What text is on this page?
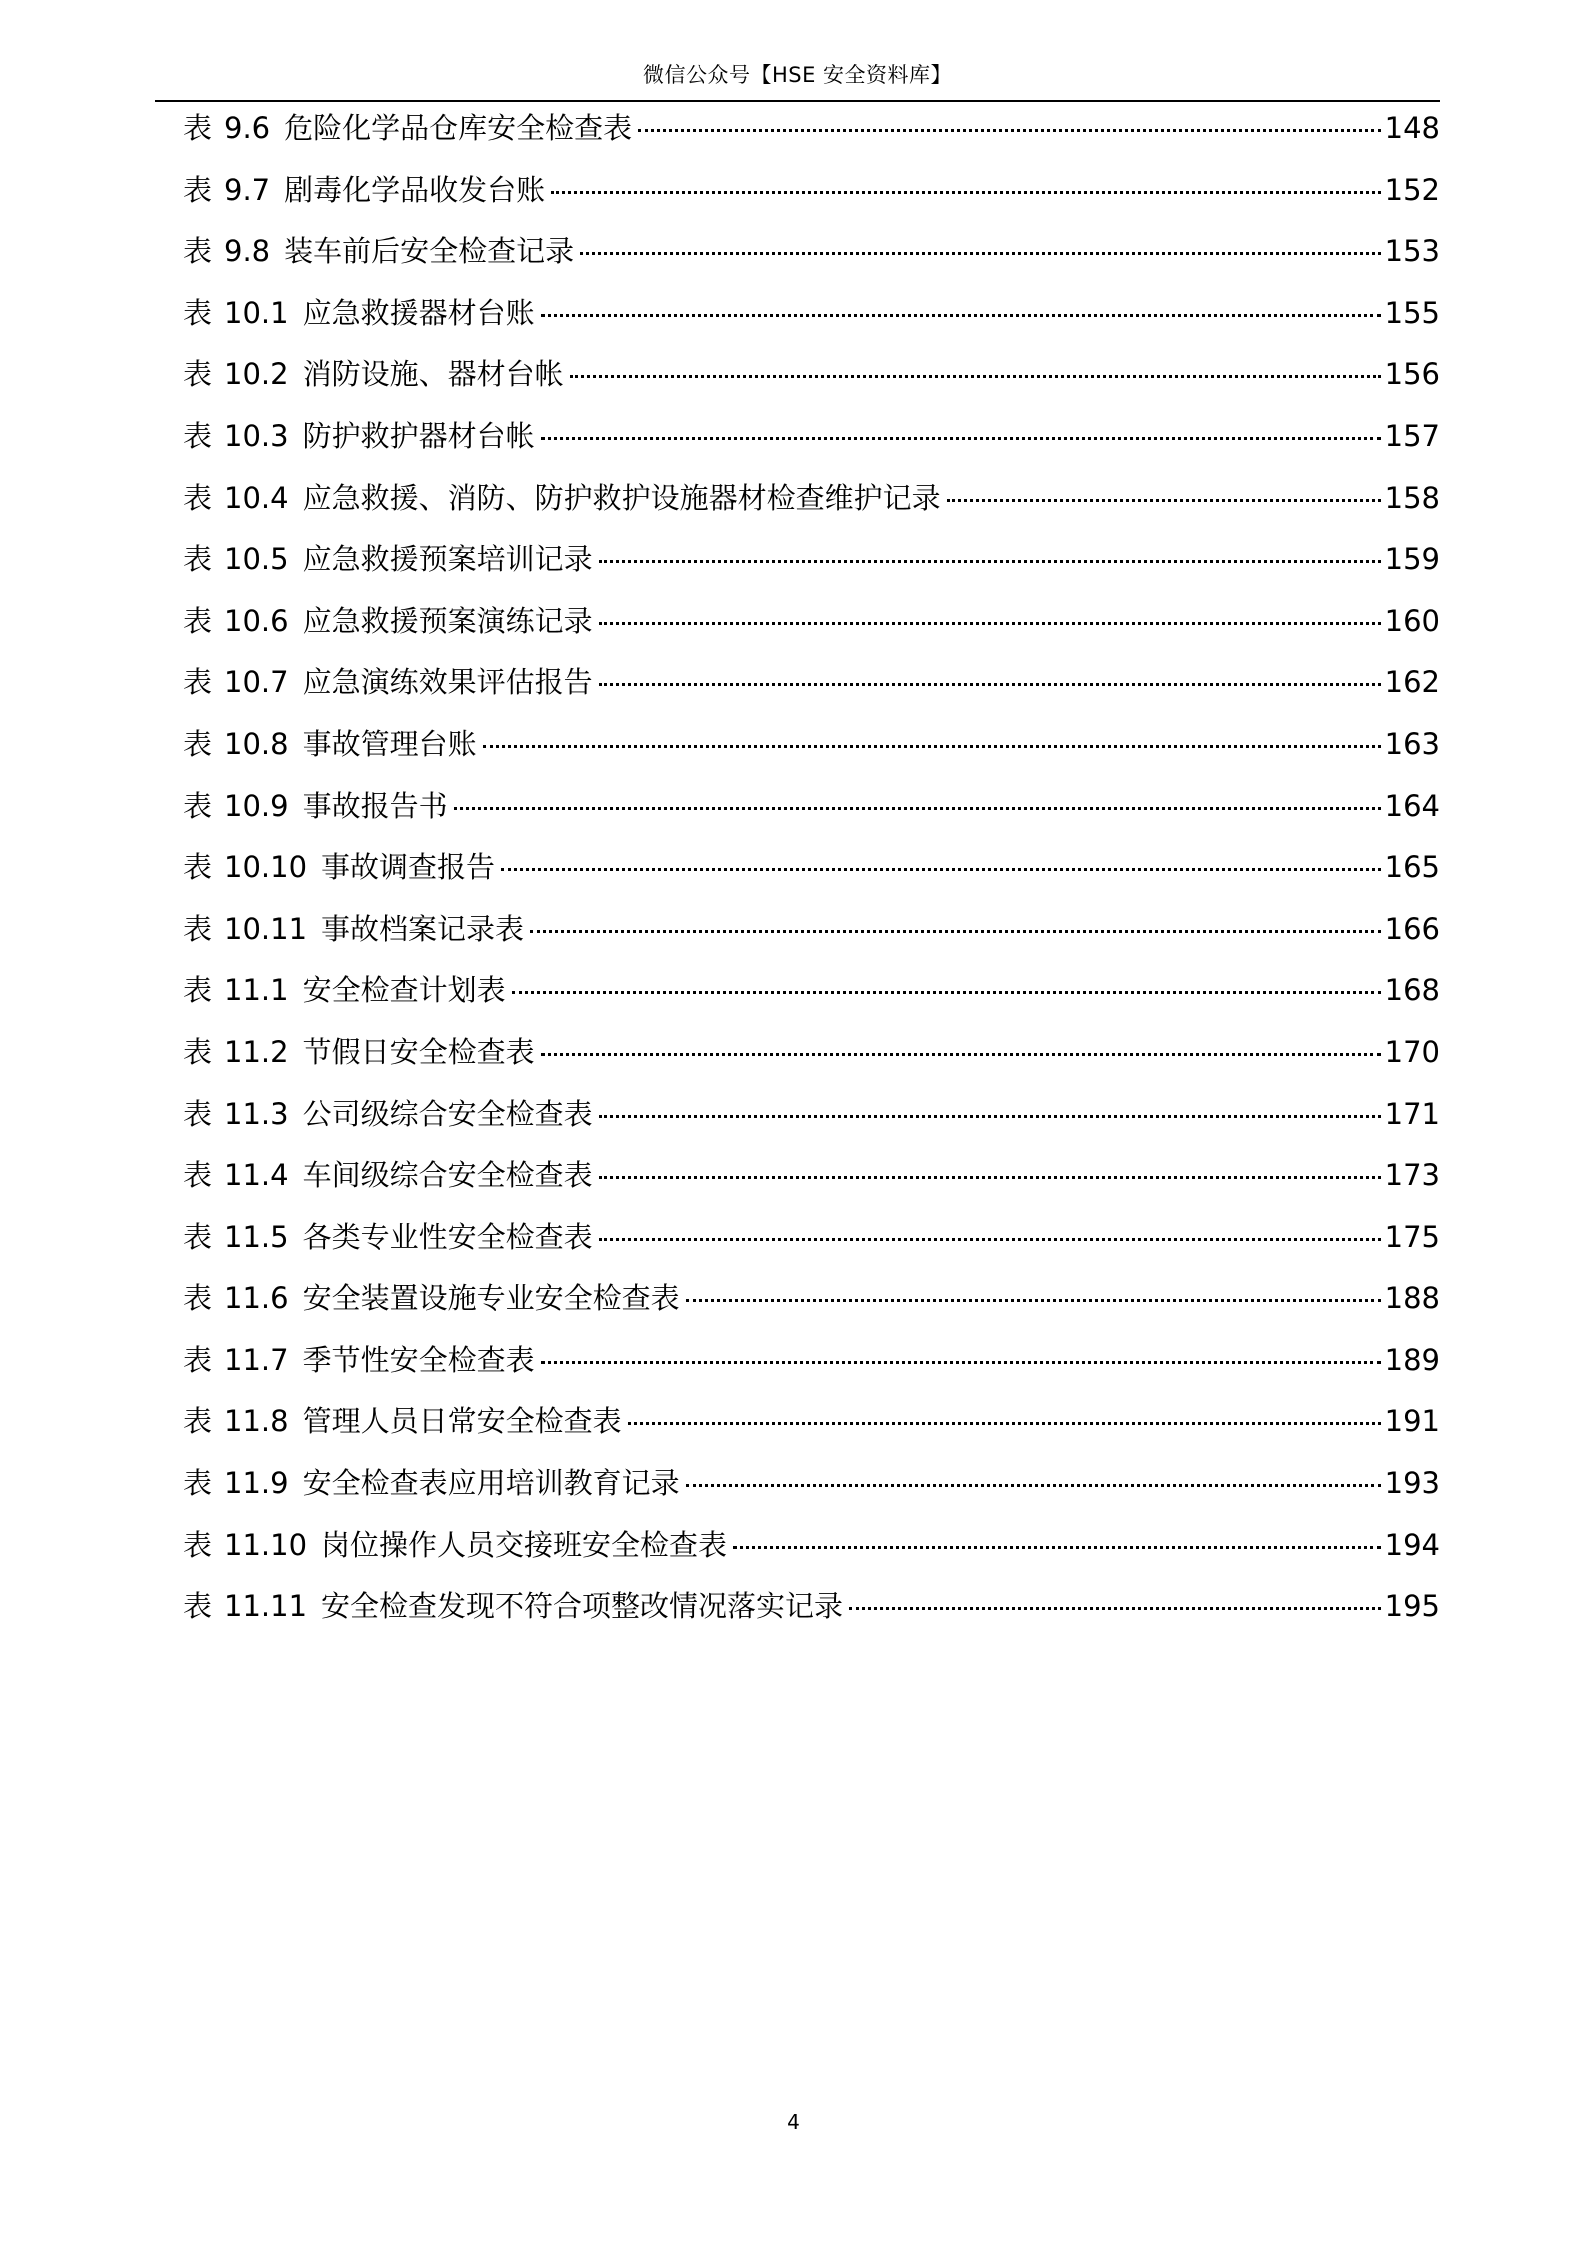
微信公众号【HSE 安全资料库】
表 9.6 危险化学品仓库安全检查表	148
表 9.7 剧毒化学品收发台账	152
表 9.8 装车前后安全检查记录	153
表 10.1 应急救援器材台账	155
表 10.2 消防设施、器材台帐	156
表 10.3 防护救护器材台帐	157
表 10.4 应急救援、消防、防护救护设施器材检查维护记录	158
表 10.5 应急救援预案培训记录	159
表 10.6 应急救援预案演练记录	160
表 10.7 应急演练效果评估报告	162
表 10.8 事故管理台账	163
表 10.9 事故报告书	164
表 10.10 事故调查报告	165
表 10.11 事故档案记录表	166
表 11.1 安全检查计划表	168
表 11.2 节假日安全检查表	170
表 11.3 公司级综合安全检查表	171
表 11.4 车间级综合安全检查表	173
表 11.5 各类专业性安全检查表	175
表 11.6 安全装置设施专业安全检查表	188
表 11.7 季节性安全检查表	189
表 11.8 管理人员日常安全检查表	191
表 11.9 安全检查表应用培训教育记录	193
表 11.10 岗位操作人员交接班安全检查表	194
表 11.11 安全检查发现不符合项整改情况落实记录	195
4
